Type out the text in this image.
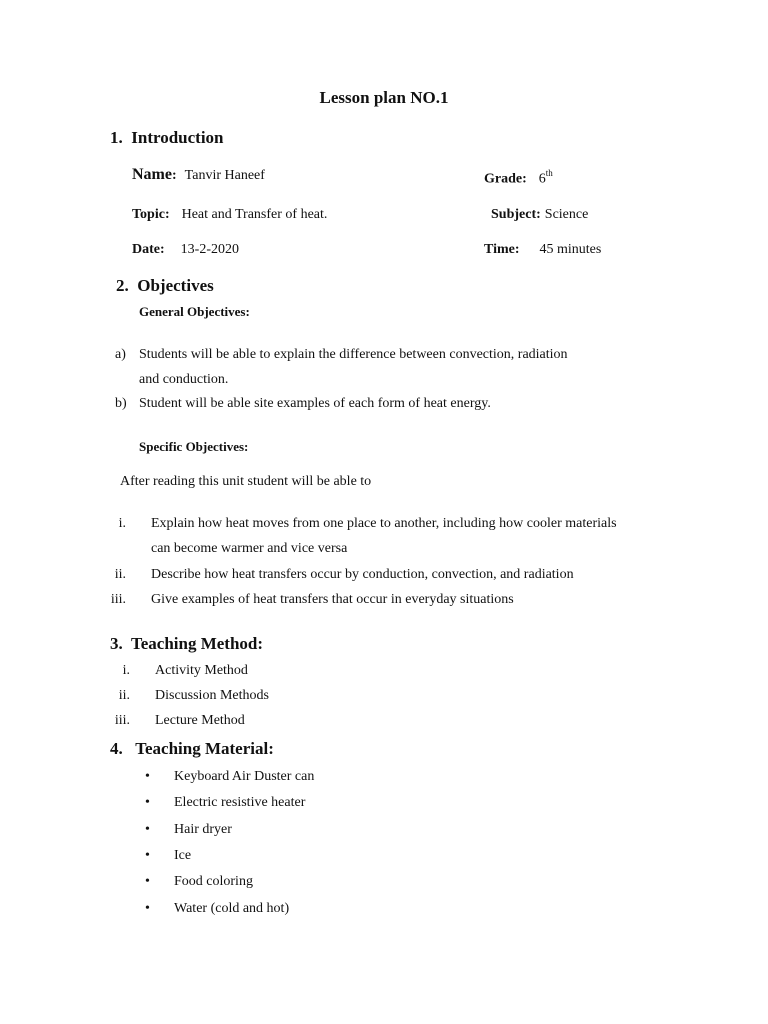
Lesson plan NO.1
1. Introduction
Name: Tanvir Haneef	Grade: 6th
Topic: Heat and Transfer of heat.	Subject: Science
Date: 13-2-2020	Time: 45 minutes
2. Objectives
General Objectives:
a) Students will be able to explain the difference between convection, radiation
and conduction.
b) Student will be able site examples of each form of heat energy.
Specific Objectives:
After reading this unit student will be able to
i. Explain how heat moves from one place to another, including how cooler materials
can become warmer and vice versa
ii. Describe how heat transfers occur by conduction, convection, and radiation
iii. Give examples of heat transfers that occur in everyday situations
3. Teaching Method:
i. Activity Method
ii. Discussion Methods
iii. Lecture Method
4. Teaching Material:
• Keyboard Air Duster can
• Electric resistive heater
• Hair dryer
• Ice
• Food coloring
• Water (cold and hot)
